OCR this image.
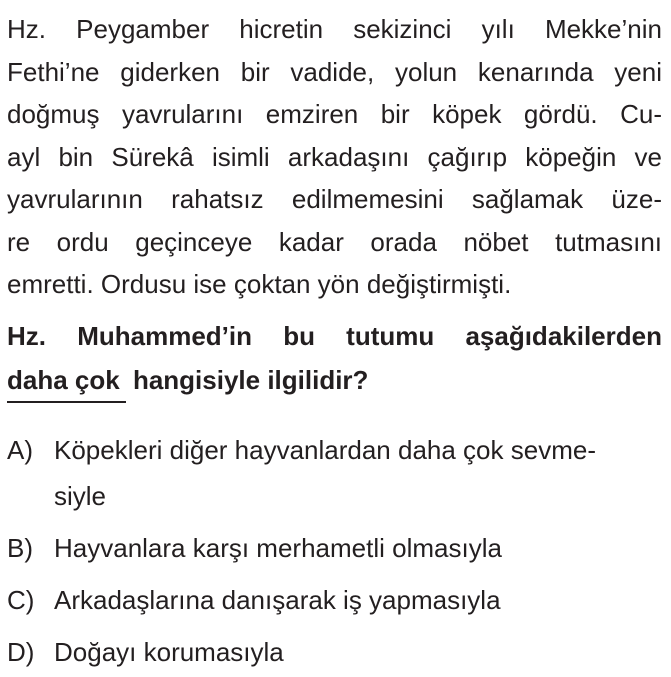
Hz. Peygamber hicretin sekizinci yılı Mekke’nin
Fethi’ne giderken bir vadide, yolun kenarında yeni
doğmuş yavrularını emziren bir köpek gördü. Cu-
ayl bin Sürekâ isimli arkadaşını çağırıp köpeğin ve
yavrularının rahatsız edilmemesini sağlamak üze-
re ordu geçinceye kadar orada nöbet tutmasını
emretti. Ordusu ise çoktan yön değiştirmişti.
Hz. Muhammed’in bu tutumu aşağıdakilerden
daha çok hangisiyle ilgilidir?
A) Köpekleri diğer hayvanlardan daha çok sevme-
siyle
B) Hayvanlara karşı merhametli olmasıyla
C) Arkadaşlarına danışarak iş yapmasıyla
D) Doğayı korumasıyla
